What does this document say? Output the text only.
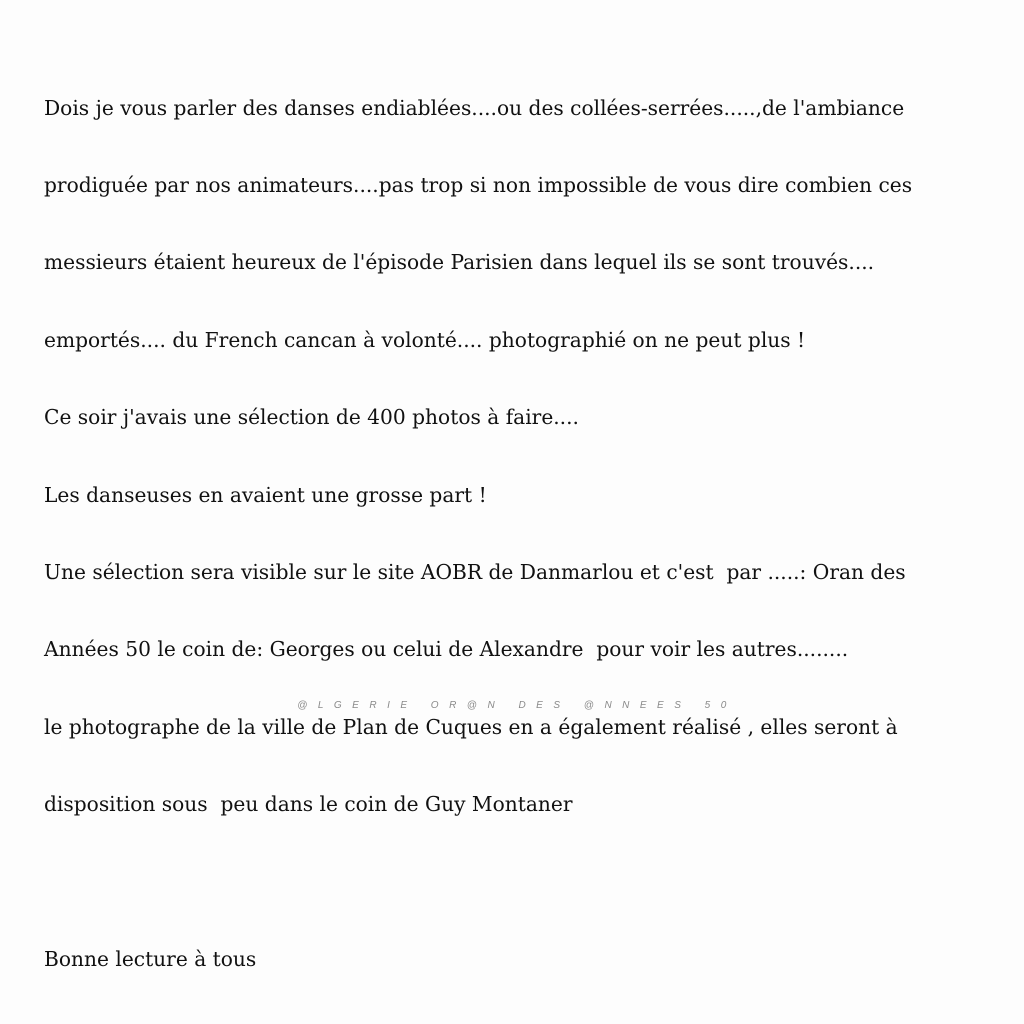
Dois je vous parler des danses endiablées....ou des collées-serrées.....,de l'ambiance

prodiguée par nos animateurs....pas trop si non impossible de vous dire combien ces

messieurs étaient heureux de l'épisode Parisien dans lequel ils se sont trouvés....

emportés.... du French cancan à volonté.... photographié on ne peut plus !

Ce soir j'avais une sélection de 400 photos à faire....

Les danseuses en avaient une grosse part !

Une sélection sera visible sur le site AOBR de Danmarlou et c'est  par .....: Oran des

Années 50 le coin de: Georges ou celui de Alexandre  pour voir les autres........

le photographe de la ville de Plan de Cuques en a également réalisé , elles seront à

disposition sous  peu dans le coin de Guy Montaner

Bonne lecture à tous

@LGERIE OR@N DES @NNEES 50
